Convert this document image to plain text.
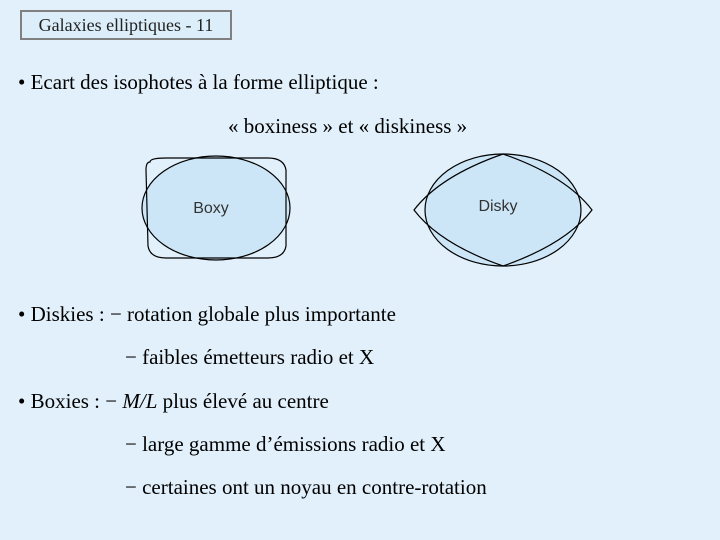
Galaxies elliptiques - 11
• Ecart des isophotes à la forme elliptique :
« boxiness » et « diskiness »
Boxy	Disky
• Diskies : − rotation globale plus importante
− faibles émetteurs radio et X
• Boxies : − M/L plus élevé au centre
− large gamme d’émissions radio et X
− certaines ont un noyau en contre-rotation
